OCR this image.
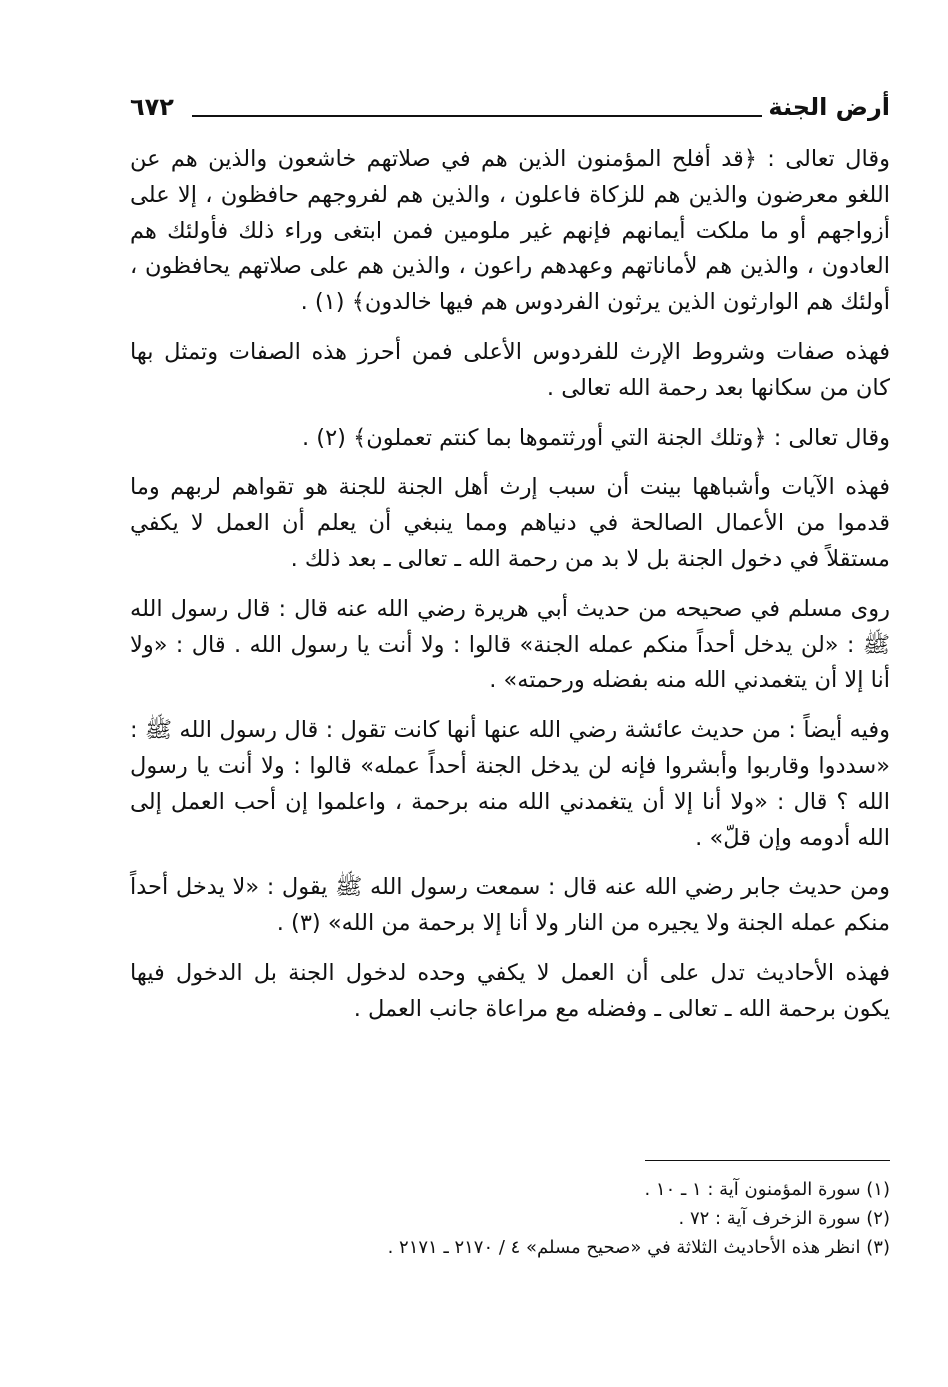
٦٧٢	أرض الجنة

وقال تعالى : ﴿قد أفلح المؤمنون الذين هم في صلاتهم خاشعون والذين هم عن اللغو معرضون والذين هم للزكاة فاعلون ، والذين هم لفروجهم حافظون ، إلا على أزواجهم أو ما ملكت أيمانهم فإنهم غير ملومين فمن ابتغى وراء ذلك فأولئك هم العادون ، والذين هم لأماناتهم وعهدهم راعون ، والذين هم على صلاتهم يحافظون ، أولئك هم الوارثون الذين يرثون الفردوس هم فيها خالدون﴾ (١) .

فهذه صفات وشروط الإرث للفردوس الأعلى فمن أحرز هذه الصفات وتمثل بها كان من سكانها بعد رحمة الله تعالى .

وقال تعالى : ﴿وتلك الجنة التي أورثتموها بما كنتم تعملون﴾ (٢) .

فهذه الآيات وأشباهها بينت أن سبب إرث أهل الجنة للجنة هو تقواهم لربهم وما قدموا من الأعمال الصالحة في دنياهم ومما ينبغي أن يعلم أن العمل لا يكفي مستقلاً في دخول الجنة بل لا بد من رحمة الله ـ تعالى ـ بعد ذلك .

روى مسلم في صحيحه من حديث أبي هريرة رضي الله عنه قال : قال رسول الله ﷺ : «لن يدخل أحداً منكم عمله الجنة» قالوا : ولا أنت يا رسول الله . قال : «ولا أنا إلا أن يتغمدني الله منه بفضله ورحمته» .

وفيه أيضاً : من حديث عائشة رضي الله عنها أنها كانت تقول : قال رسول الله ﷺ : «سددوا وقاربوا وأبشروا فإنه لن يدخل الجنة أحداً عمله» قالوا : ولا أنت يا رسول الله ؟ قال : «ولا أنا إلا أن يتغمدني الله منه برحمة ، واعلموا إن أحب العمل إلى الله أدومه وإن قلّ» .

ومن حديث جابر رضي الله عنه قال : سمعت رسول الله ﷺ يقول : «لا يدخل أحداً منكم عمله الجنة ولا يجيره من النار ولا أنا إلا برحمة من الله» (٣) .

فهذه الأحاديث تدل على أن العمل لا يكفي وحده لدخول الجنة بل الدخول فيها يكون برحمة الله ـ تعالى ـ وفضله مع مراعاة جانب العمل .

(١) سورة المؤمنون آية : ١ ـ ١٠ .

(٢) سورة الزخرف آية : ٧٢ .

(٣) انظر هذه الأحاديث الثلاثة في «صحيح مسلم» ٤ / ٢١٧٠ ـ ٢١٧١ .
